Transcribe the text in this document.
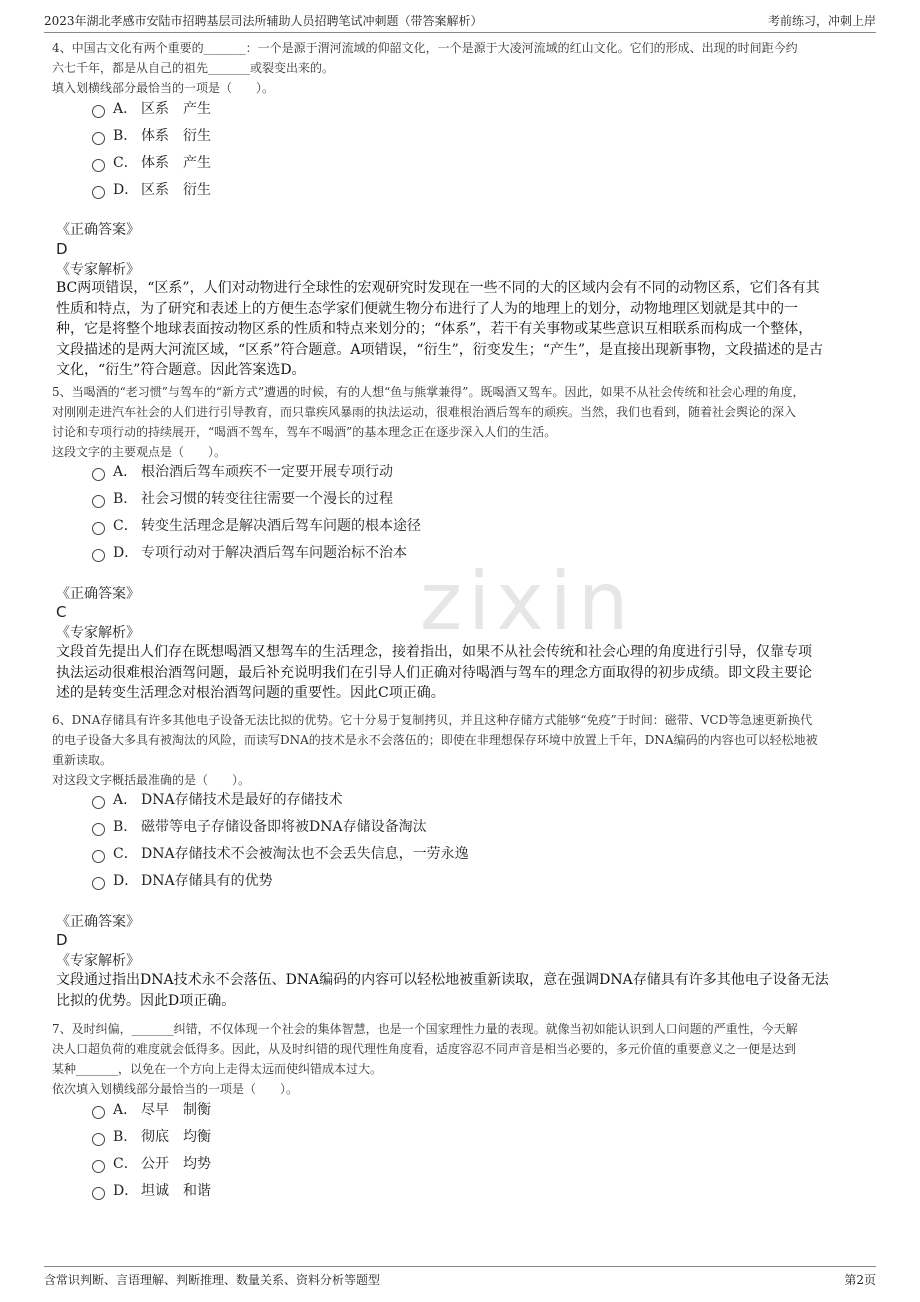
zixin
2023年湖北孝感市安陆市招聘基层司法所辅助人员招聘笔试冲刺题（带答案解析）	考前练习，冲刺上岸

4、中国古文化有两个重要的_______：一个是源于渭河流域的仰韶文化，一个是源于大凌河流域的红山文化。它们的形成、出现的时间距今约

六七千年，都是从自己的祖先_______或裂变出来的。

填入划横线部分最恰当的一项是（　　）。

A． 区系　产生
B． 体系　衍生
C． 体系　产生
D． 区系　衍生
《正确答案》
D
《专家解析》
BC两项错误，“区系”，人们对动物进行全球性的宏观研究时发现在一些不同的大的区域内会有不同的动物区系，它们各有其
性质和特点，为了研究和表述上的方便生态学家们便就生物分布进行了人为的地理上的划分，动物地理区划就是其中的一
种，它是将整个地球表面按动物区系的性质和特点来划分的；“体系”，若干有关事物或某些意识互相联系而构成一个整体，
文段描述的是两大河流区域，“区系”符合题意。A项错误，“衍生”，衍变发生；“产生”，是直接出现新事物，文段描述的是古
文化，“衍生”符合题意。因此答案选D。

5、当喝酒的“老习惯”与驾车的“新方式”遭遇的时候，有的人想“鱼与熊掌兼得”。既喝酒又驾车。因此，如果不从社会传统和社会心理的角度，

对刚刚走进汽车社会的人们进行引导教育，而只靠疾风暴雨的执法运动，很难根治酒后驾车的顽疾。当然，我们也看到，随着社会舆论的深入

讨论和专项行动的持续展开，“喝酒不驾车，驾车不喝酒”的基本理念正在逐步深入人们的生活。

这段文字的主要观点是（　　）。

A． 根治酒后驾车顽疾不一定要开展专项行动
B． 社会习惯的转变往往需要一个漫长的过程
C． 转变生活理念是解决酒后驾车问题的根本途径
D． 专项行动对于解决酒后驾车问题治标不治本
《正确答案》
C
《专家解析》
文段首先提出人们存在既想喝酒又想驾车的生活理念，接着指出，如果不从社会传统和社会心理的角度进行引导，仅靠专项
执法运动很难根治酒驾问题，最后补充说明我们在引导人们正确对待喝酒与驾车的理念方面取得的初步成绩。即文段主要论
述的是转变生活理念对根治酒驾问题的重要性。因此C项正确。

6、DNA存储具有许多其他电子设备无法比拟的优势。它十分易于复制拷贝，并且这种存储方式能够“免疫”于时间：磁带、VCD等急速更新换代

的电子设备大多具有被淘汰的风险，而读写DNA的技术是永不会落伍的；即使在非理想保存环境中放置上千年，DNA编码的内容也可以轻松地被

重新读取。

对这段文字概括最准确的是（　　）。

A． DNA存储技术是最好的存储技术
B． 磁带等电子存储设备即将被DNA存储设备淘汰
C． DNA存储技术不会被淘汰也不会丢失信息，一劳永逸
D． DNA存储具有的优势
《正确答案》
D
《专家解析》
文段通过指出DNA技术永不会落伍、DNA编码的内容可以轻松地被重新读取，意在强调DNA存储具有许多其他电子设备无法
比拟的优势。因此D项正确。

7、及时纠偏，_______纠错，不仅体现一个社会的集体智慧，也是一个国家理性力量的表现。就像当初如能认识到人口问题的严重性，今天解

决人口超负荷的难度就会低得多。因此，从及时纠错的现代理性角度看，适度容忍不同声音是相当必要的，多元价值的重要意义之一便是达到

某种_______，以免在一个方向上走得太远而使纠错成本过大。

依次填入划横线部分最恰当的一项是（　　）。

A． 尽早　制衡
B． 彻底　均衡
C． 公开　均势
D． 坦诚　和谐
含常识判断、言语理解、判断推理、数量关系、资料分析等题型	第2页
